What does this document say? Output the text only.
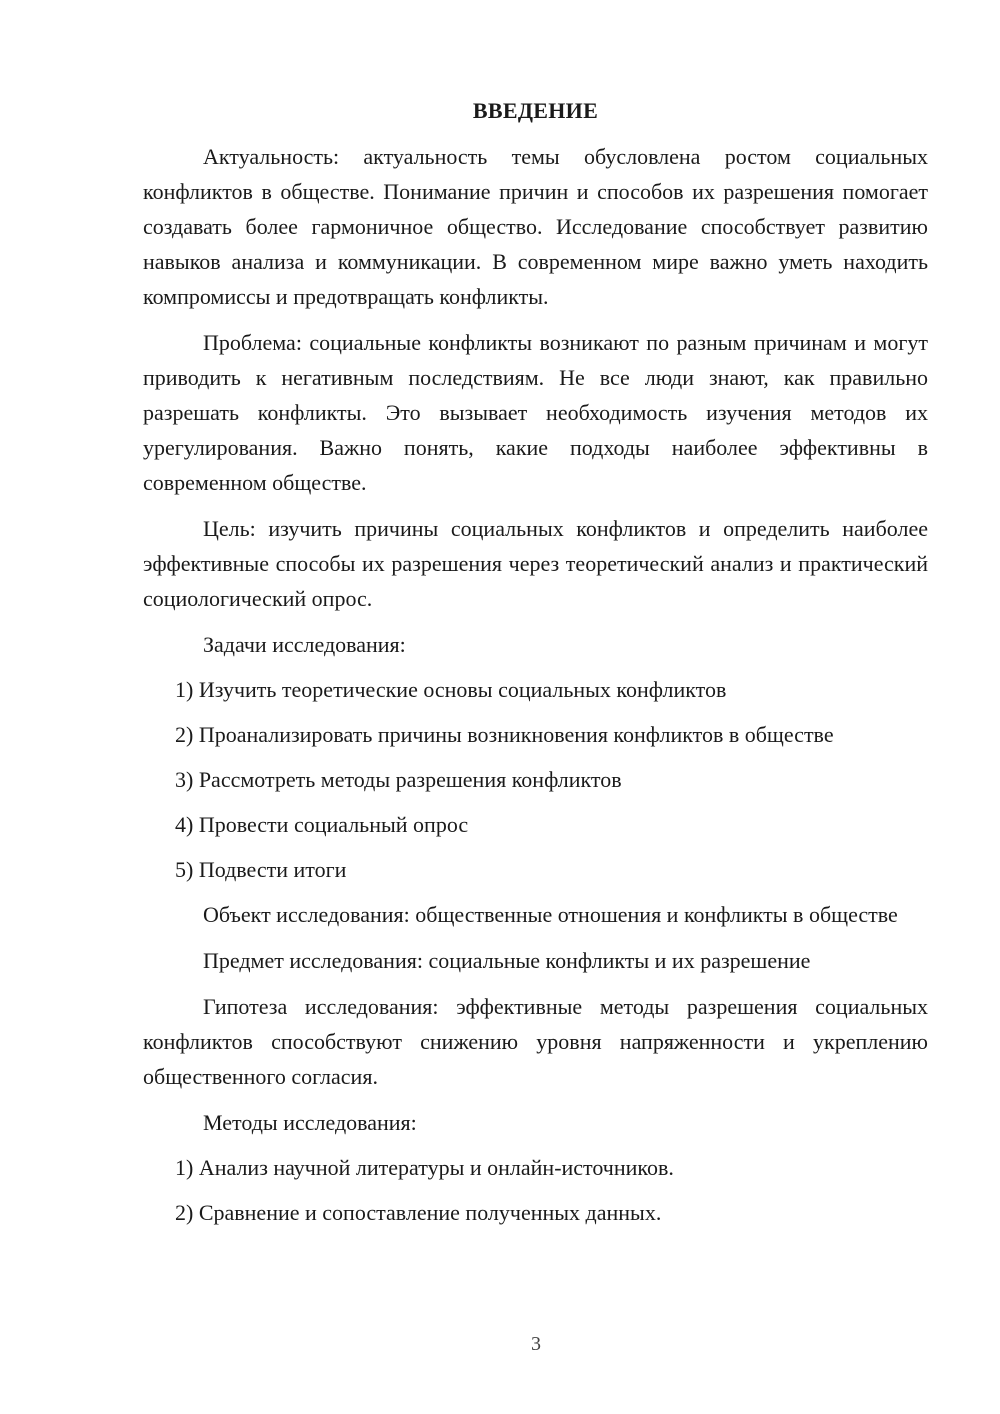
ВВЕДЕНИЕ

Актуальность: актуальность темы обусловлена ростом социальных конфликтов в обществе. Понимание причин и способов их разрешения помогает создавать более гармоничное общество. Исследование способствует развитию навыков анализа и коммуникации. В современном мире важно уметь находить компромиссы и предотвращать конфликты.

Проблема: социальные конфликты возникают по разным причинам и могут приводить к негативным последствиям. Не все люди знают, как правильно разрешать конфликты. Это вызывает необходимость изучения методов их урегулирования. Важно понять, какие подходы наиболее эффективны в современном обществе.

Цель: изучить причины социальных конфликтов и определить наиболее эффективные способы их разрешения через теоретический анализ и практический социологический опрос.

Задачи исследования:

1) Изучить теоретические основы социальных конфликтов
2) Проанализировать причины возникновения конфликтов в обществе
3) Рассмотреть методы разрешения конфликтов
4) Провести социальный опрос
5) Подвести итоги

Объект исследования: общественные отношения и конфликты в обществе

Предмет исследования: социальные конфликты и их разрешение

Гипотеза исследования: эффективные методы разрешения социальных конфликтов способствуют снижению уровня напряженности и укреплению общественного согласия.

Методы исследования:

1) Анализ научной литературы и онлайн-источников.
2) Сравнение и сопоставление полученных данных.
3
